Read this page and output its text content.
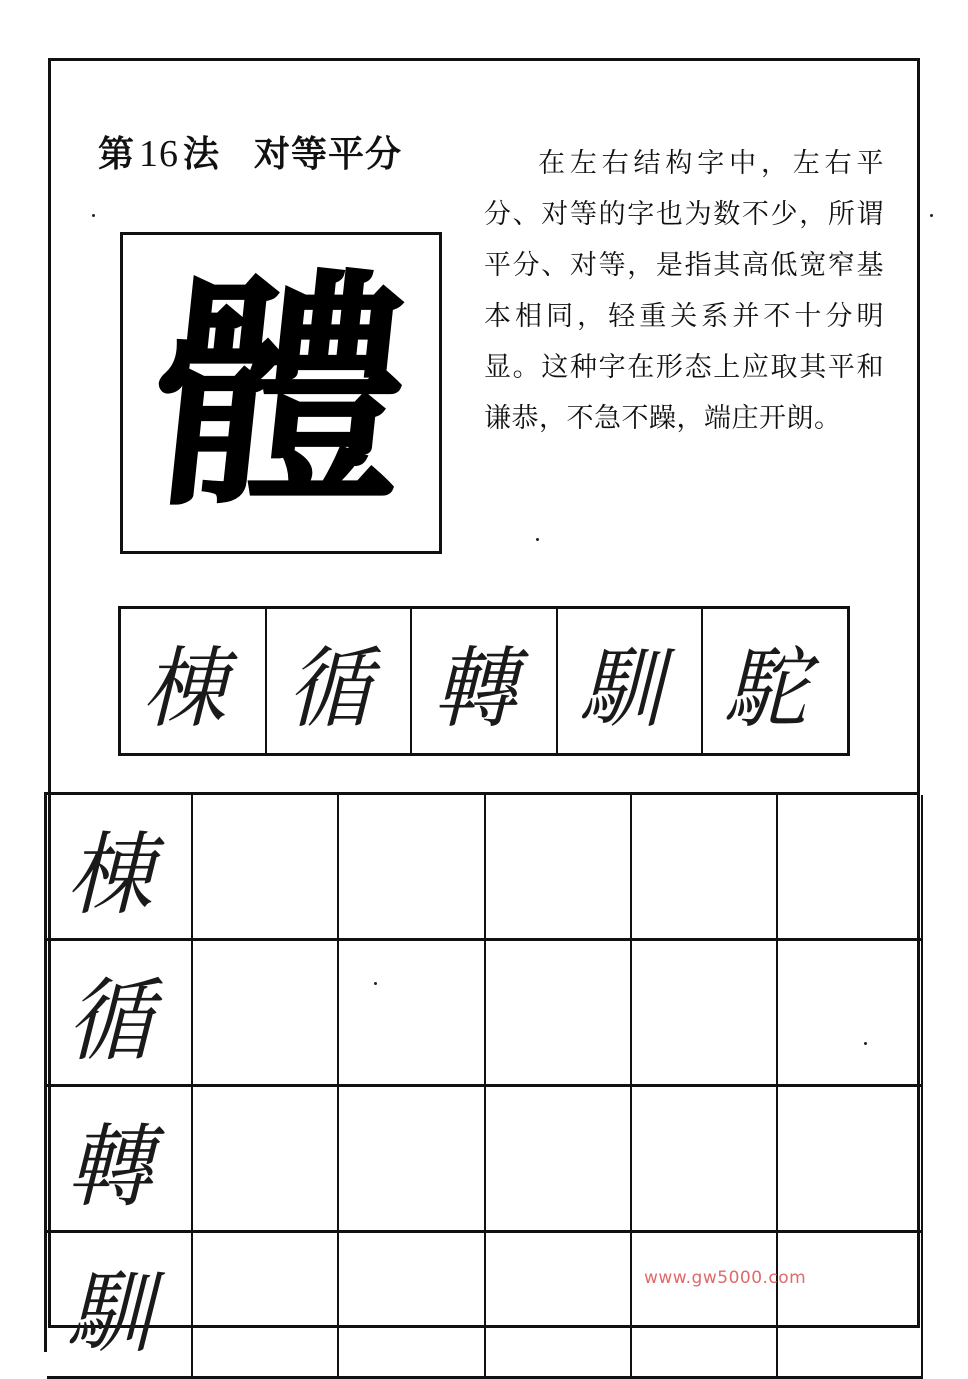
第 16 法 对等平分	在左右结构字中，左右平分、对等的字也为数不少，所谓平分、对等，是指其高低宽窄基本相同，轻重关系并不十分明显。这种字在形态上应取其平和谦恭，不急不躁，端庄开朗。

體
棟 循 轉 馴 駝
棟
循
轉
馴	www.gw5000.com
